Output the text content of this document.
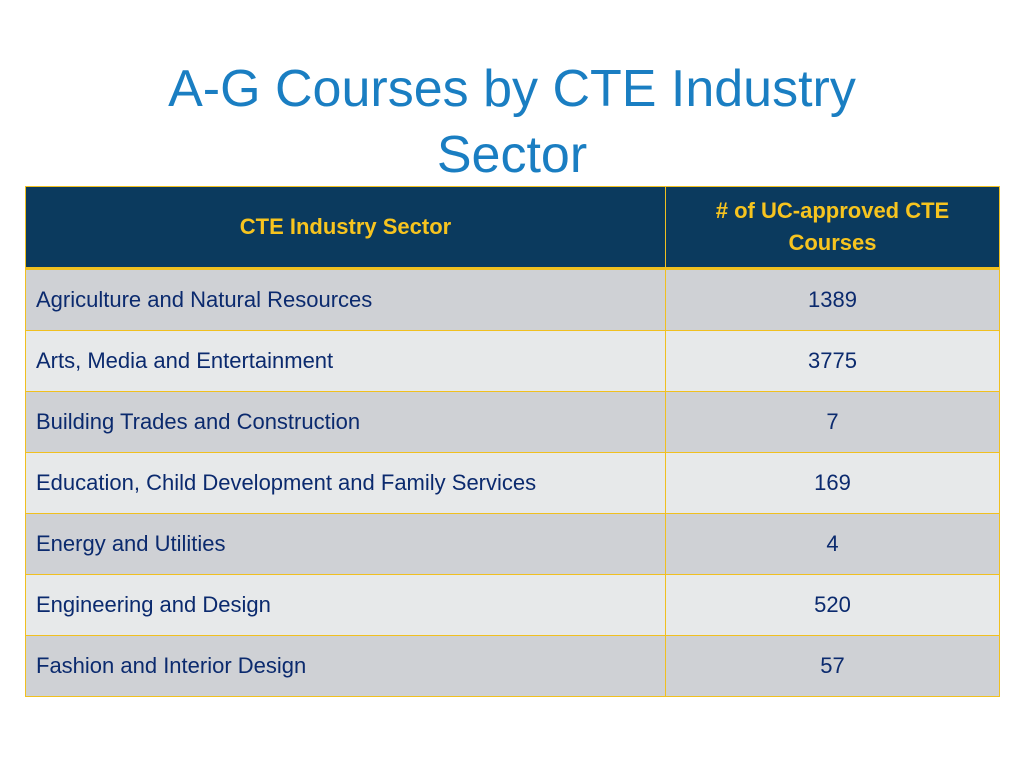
A-G Courses by CTE Industry
Sector
CTE Industry Sector	# of UC-approved CTE Courses
Agriculture and Natural Resources	1389
Arts, Media and Entertainment	3775
Building Trades and Construction	7
Education, Child Development and Family Services	169
Energy and Utilities	4
Engineering and Design	520
Fashion and Interior Design	57
